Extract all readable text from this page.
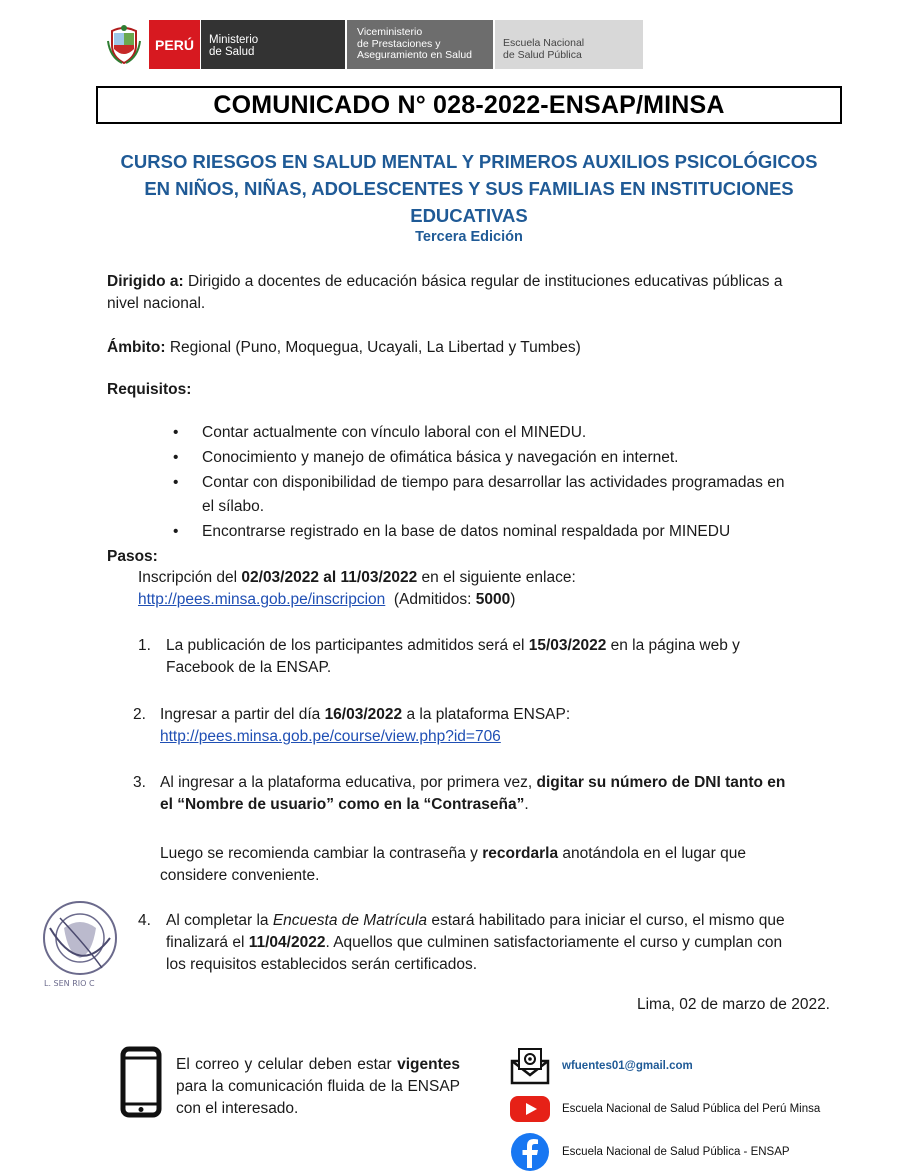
PERÚ	Ministerio
de Salud
Viceministerio
de Prestaciones y
Aseguramiento en Salud
Escuela Nacional
de Salud Pública
COMUNICADO N° 028-2022-ENSAP/MINSA
CURSO RIESGOS EN SALUD MENTAL Y PRIMEROS AUXILIOS PSICOLÓGICOS
EN NIÑOS, NIÑAS, ADOLESCENTES Y SUS FAMILIAS EN INSTITUCIONES
EDUCATIVAS
Tercera Edición
Dirigido a: Dirigido a docentes de educación básica regular de instituciones educativas públicas a
nivel nacional.
Ámbito: Regional (Puno, Moquegua, Ucayali, La Libertad y Tumbes)
Requisitos:
• Contar actualmente con vínculo laboral con el MINEDU.
• Conocimiento y manejo de ofimática básica y navegación en internet.
• Contar con disponibilidad de tiempo para desarrollar las actividades programadas en
el sílabo.
• Encontrarse registrado en la base de datos nominal respaldada por MINEDU
Pasos:
Inscripción del 02/03/2022 al 11/03/2022 en el siguiente enlace:
http://pees.minsa.gob.pe/inscripcion  (Admitidos: 5000)
1. La publicación de los participantes admitidos será el 15/03/2022 en la página web y
Facebook de la ENSAP.
2. Ingresar a partir del día 16/03/2022 a la plataforma ENSAP:
http://pees.minsa.gob.pe/course/view.php?id=706
3. Al ingresar a la plataforma educativa, por primera vez, digitar su número de DNI tanto en
el “Nombre de usuario” como en la “Contraseña”.
Luego se recomienda cambiar la contraseña y recordarla anotándola en el lugar que
considere conveniente.
L. SEN RIO C
4. Al completar la Encuesta de Matrícula estará habilitado para iniciar el curso, el mismo que
finalizará el 11/04/2022. Aquellos que culminen satisfactoriamente el curso y cumplan con
los requisitos establecidos serán certificados.
Lima, 02 de marzo de 2022.
El correo y celular deben estar vigentes para la comunicación fluida de la ENSAP con el interesado.
wfuentes01@gmail.com
Escuela Nacional de Salud Pública del Perú Minsa
Escuela Nacional de Salud Pública - ENSAP
